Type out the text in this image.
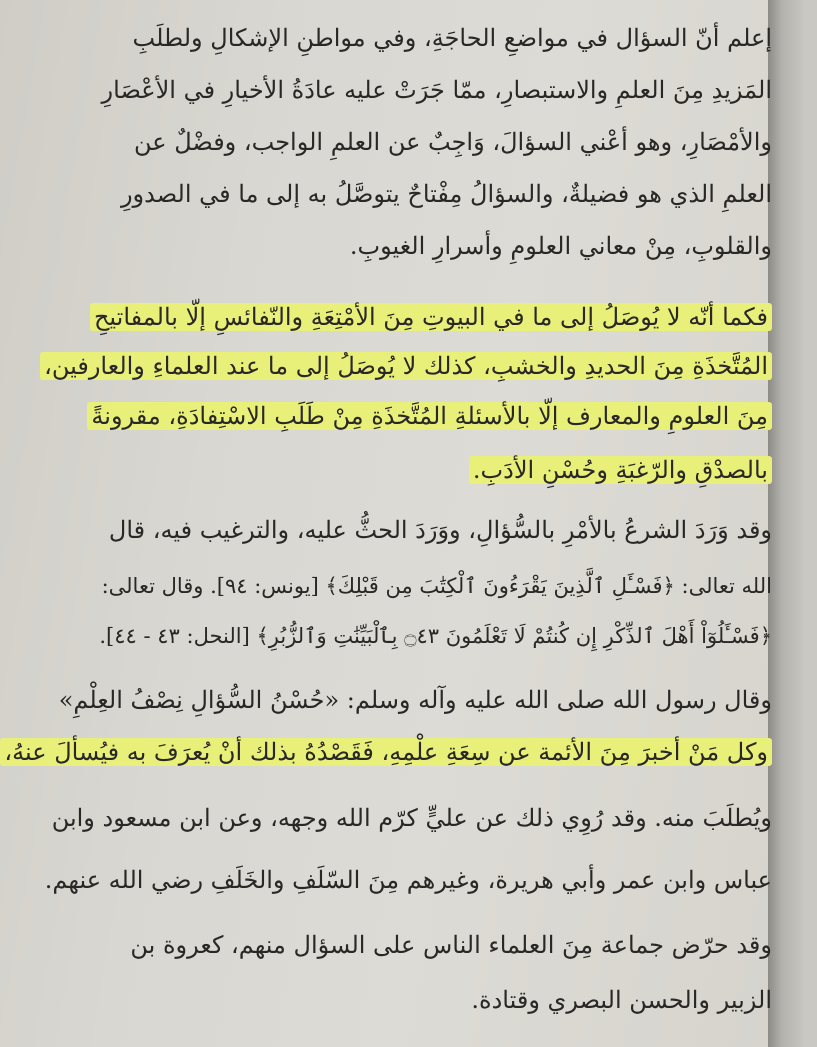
إعلم أنّ السؤال في مواضعِ الحاجَةِ، وفي مواطنِ الإشكالِ ولطلَبِ
المَزيدِ مِنَ العلمِ والاستبصارِ، ممّا جَرَتْ عليه عادَةُ الأخيارِ في الأعْصَارِ
والأمْصَارِ، وهو أعْني السؤالَ، وَاجِبٌ عن العلمِ الواجب، وفضْلٌ عن
العلمِ الذي هو فضيلةٌ، والسؤالُ مِفْتاحٌ يتوصَّلُ به إلى ما في الصدورِ
والقلوبِ، مِنْ معاني العلومِ وأسرارِ الغيوبِ.
فكما أنّه لا يُوصَلُ إلى ما في البيوتِ مِنَ الأمْتِعَةِ والنّفائسِ إلّا بالمفاتيحِ
المُتَّخذَةِ مِنَ الحديدِ والخشبِ، كذلك لا يُوصَلُ إلى ما عند العلماءِ والعارفين،
مِنَ العلومِ والمعارف إلّا بالأسئلةِ المُتَّخذَةِ مِنْ طَلَبِ الاسْتِفادَةِ، مقرونةً
بالصدْقِ والرّغبَةِ وحُسْنِ الأدَبِ.
وقد وَرَدَ الشرعُ بالأمْرِ بالسُّؤالِ، ووَرَدَ الحثُّ عليه، والترغيب فيه، قال
الله تعالى: ﴿فَسْـَٔلِ ٱلَّذِينَ يَقْرَءُونَ ٱلْكِتَٰبَ مِن قَبْلِكَ﴾ [يونس: ٩٤]. وقال تعالى:
﴿فَسْـَٔلُوٓاْ أَهْلَ ٱلذِّكْرِ إِن كُنتُمْ لَا تَعْلَمُونَ ۝٤٣ بِٱلْبَيِّنَٰتِ وَٱلزُّبُرِ﴾ [النحل: ٤٣ - ٤٤].
وقال رسول الله صلى الله عليه وآله وسلم: «حُسْنُ السُّؤالِ نِصْفُ العِلْمِ»
وكل مَنْ أخبرَ مِنَ الأئمة عن سِعَةِ علْمِهِ، فَقَصْدُهُ بذلك أنْ يُعرَفَ به فيُسألَ عنهُ،
ويُطلَبَ منه. وقد رُوِي ذلك عن عليٍّ كرّم الله وجهه، وعن ابن مسعود وابن
عباس وابن عمر وأبي هريرة، وغيرهم مِنَ السّلَفِ والخَلَفِ رضي الله عنهم.
وقد حرّض جماعة مِنَ العلماء الناس على السؤال منهم، كعروة بن
الزبير والحسن البصري وقتادة.
